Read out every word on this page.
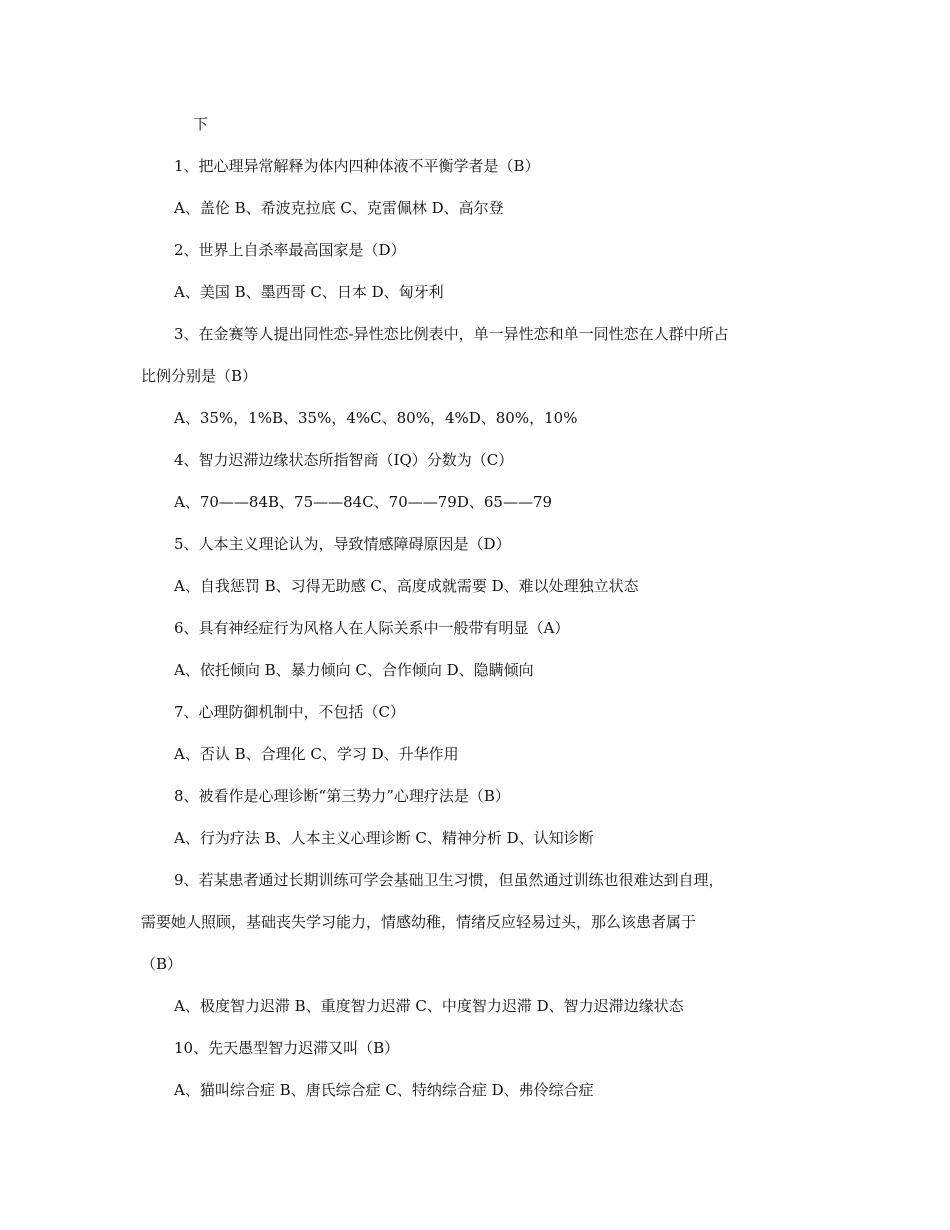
下
1、把心理异常解释为体内四种体液不平衡学者是（B）
A、盖伦 B、希波克拉底 C、克雷佩林 D、高尔登
2、世界上自杀率最高国家是（D）
A、美国 B、墨西哥 C、日本 D、匈牙利
3、在金赛等人提出同性恋-异性恋比例表中，单一异性恋和单一同性恋在人群中所占
比例分别是（B）
A、35%，1%B、35%，4%C、80%，4%D、80%，10%
4、智力迟滞边缘状态所指智商（IQ）分数为（C）
A、70——84B、75——84C、70——79D、65——79
5、人本主义理论认为，导致情感障碍原因是（D）
A、自我惩罚 B、习得无助感 C、高度成就需要 D、难以处理独立状态
6、具有神经症行为风格人在人际关系中一般带有明显（A）
A、依托倾向 B、暴力倾向 C、合作倾向 D、隐瞒倾向
7、心理防御机制中，不包括（C）
A、否认 B、合理化 C、学习 D、升华作用
8、被看作是心理诊断“第三势力”心理疗法是（B）
A、行为疗法 B、人本主义心理诊断 C、精神分析 D、认知诊断
9、若某患者通过长期训练可学会基础卫生习惯，但虽然通过训练也很难达到自理，
需要她人照顾，基础丧失学习能力，情感幼稚，情绪反应轻易过头，那么该患者属于
（B）
A、极度智力迟滞 B、重度智力迟滞 C、中度智力迟滞 D、智力迟滞边缘状态
10、先天愚型智力迟滞又叫（B）
A、猫叫综合症 B、唐氏综合症 C、特纳综合症 D、弗伶综合症
